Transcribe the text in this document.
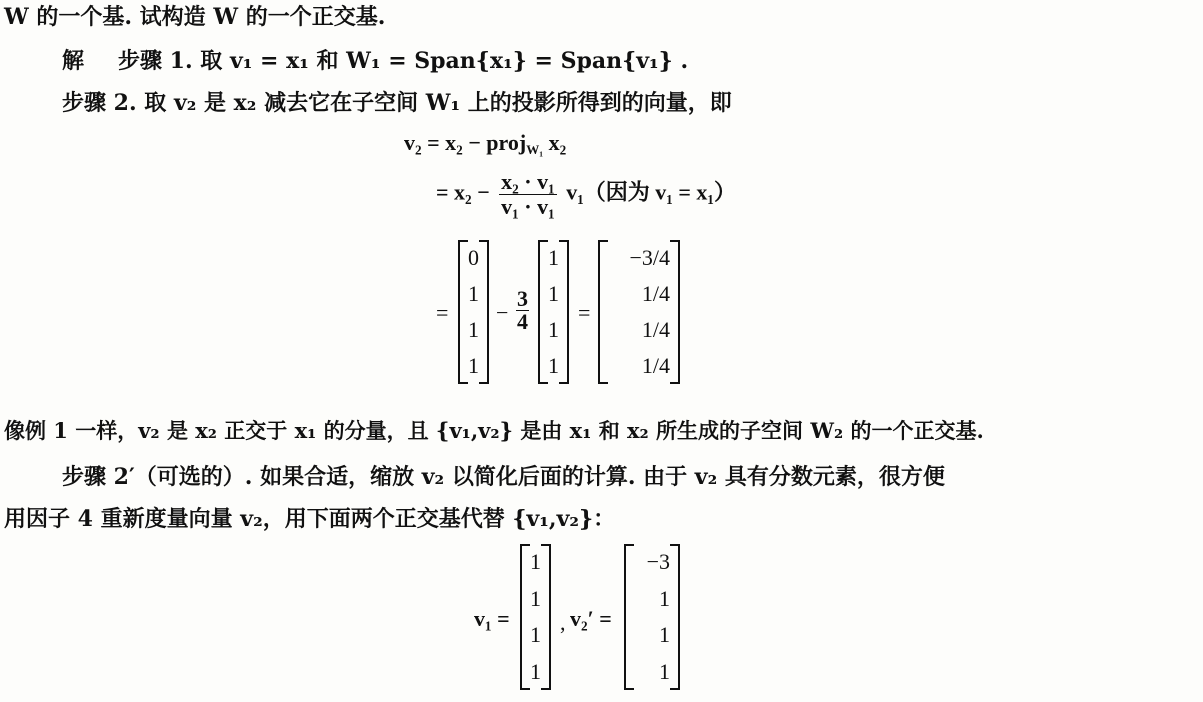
W 的一个基. 试构造 W 的一个正交基.
解 步骤 1. 取 v₁ = x₁ 和 W₁ = Span{x₁} = Span{v₁} .
步骤 2. 取 v₂ 是 x₂ 减去它在子空间 W₁ 上的投影所得到的向量，即
v₂ = x₂ − proj$_{W_1}$ x₂
= $x_2 - \frac{\text{x₂ · v₁}}{\text{v₁ · v₁}} v_1$（因为 v₁ = x₁）
=
0
1
1
1
− $\frac{3}{4}$
1
1
1
1
=
−3/4
1/4
1/4
1/4
像例 1 一样，v₂ 是 x₂ 正交于 x₁ 的分量，且 {v₁,v₂} 是由 x₁ 和 x₂ 所生成的子空间 W₂ 的一个正交基.
步骤 2′（可选的）. 如果合适，缩放 v₂ 以简化后面的计算. 由于 v₂ 具有分数元素，很方便
用因子 4 重新度量向量 v₂，用下面两个正交基代替 {v₁,v₂}：
v₁ =
1
1
1
1
, v₂′ =
−3
1
1
1
